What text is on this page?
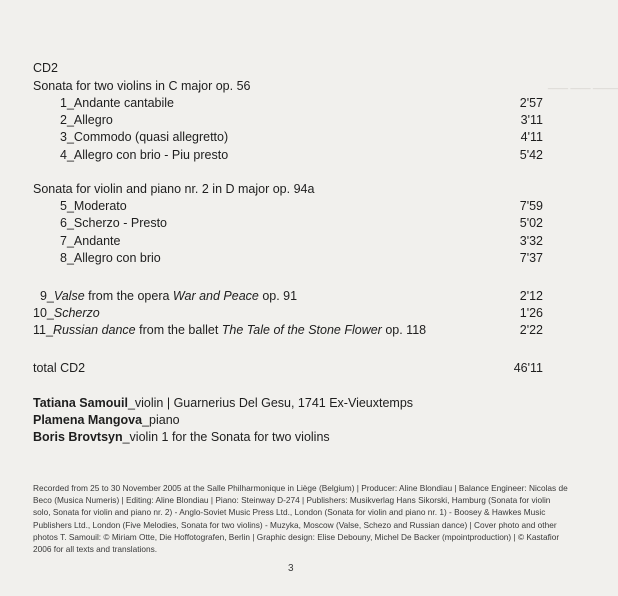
____ ____ _____
CD2
Sonata for two violins in C major op. 56
1_Andante cantabile	2'57
2_Allegro	3'11
3_Commodo (quasi allegretto)	4'11
4_Allegro con brio - Piu presto	5'42
Sonata for violin and piano nr. 2 in D major op. 94a
5_Moderato	7'59
6_Scherzo - Presto	5'02
7_Andante	3'32
8_Allegro con brio	7'37
9_Valse from the opera War and Peace op. 91	2'12
10_Scherzo	1'26
11_Russian dance from the ballet The Tale of the Stone Flower op. 118	2'22
total CD2	46'11
Tatiana Samouil_violin | Guarnerius Del Gesu, 1741 Ex-Vieuxtemps
Plamena Mangova_piano
Boris Brovtsyn_violin 1 for the Sonata for two violins
Recorded from 25 to 30 November 2005 at the Salle Philharmonique in Liège (Belgium) | Producer: Aline Blondiau | Balance Engineer: Nicolas de Beco (Musica Numeris) | Editing: Aline Blondiau | Piano: Steinway D-274 | Publishers: Musikverlag Hans Sikorski, Hamburg (Sonata for violin solo, Sonata for violin and piano nr. 2) - Anglo-Soviet Music Press Ltd., London (Sonata for violin and piano nr. 1) - Boosey & Hawkes Music Publishers Ltd., London (Five Melodies, Sonata for two violins) - Muzyka, Moscow (Valse, Schezo and Russian dance) | Cover photo and other photos T. Samouil: © Miriam Otte, Die Hoffotografen, Berlin | Graphic design: Elise Debouny, Michel De Backer (mpointproduction) | © Kastafior 2006 for all texts and translations.
3
